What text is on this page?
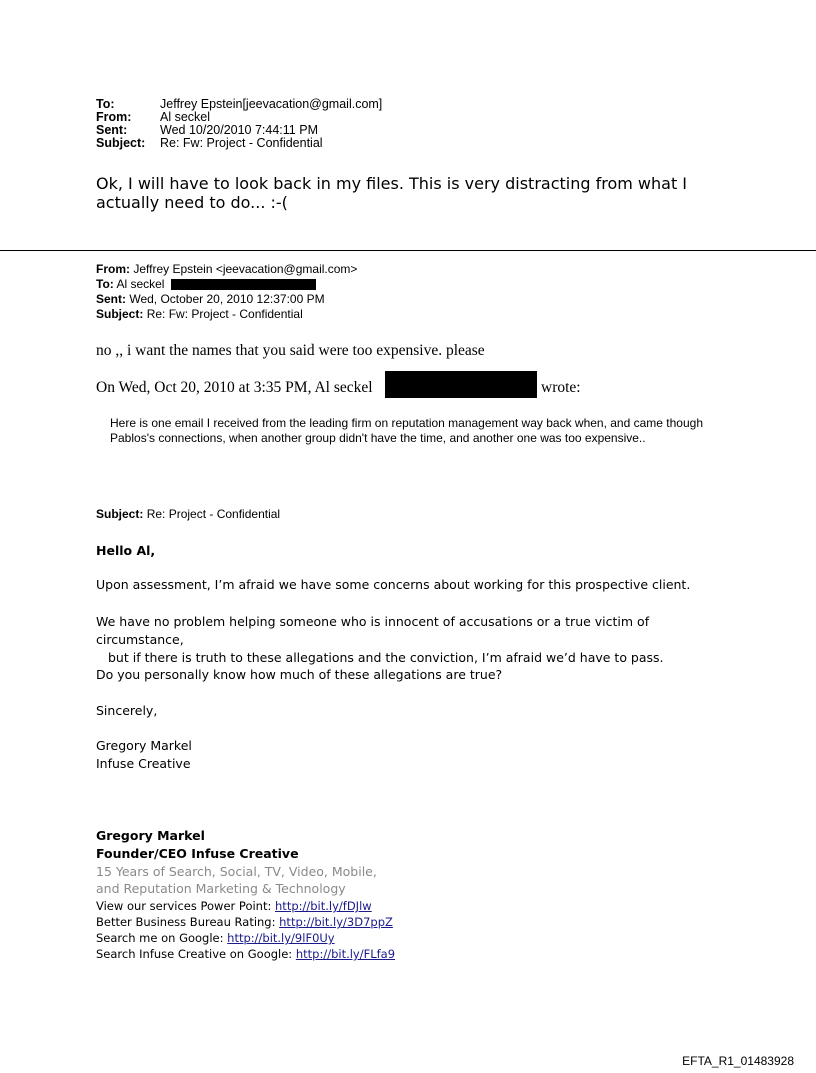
To:	Jeffrey Epstein[jeevacation@gmail.com]
From: Al seckel
Sent:	Wed 10/20/2010 7:44:11 PM
Subject: Re: Fw: Project - Confidential
Ok, I will have to look back in my files. This is very distracting from what I actually need to do... :-(
From: Jeffrey Epstein <jeevacation@gmail.com>
To: Al seckel
Sent: Wed, October 20, 2010 12:37:00 PM
Subject: Re: Fw: Project - Confidential
no ,, i want the names that you said were too expensive. please
On Wed, Oct 20, 2010 at 3:35 PM, Al seckel	wrote:
Here is one email I received from the leading firm on reputation management way back when, and came though Pablos's connections, when another group didn't have the time, and another one was too expensive..
Subject: Re: Project - Confidential
Hello Al,
Upon assessment, I’m afraid we have some concerns about working for this prospective client.
We have no problem helping someone who is innocent of accusations or a true victim of circumstance,
but if there is truth to these allegations and the conviction, I’m afraid we’d have to pass.
Do you personally know how much of these allegations are true?
Sincerely,
Gregory Markel
Infuse Creative
Gregory Markel
Founder/CEO Infuse Creative
15 Years of Search, Social, TV, Video, Mobile,
and Reputation Marketing & Technology
View our services Power Point: http://bit.ly/fDJlw
Better Business Bureau Rating: http://bit.ly/3D7ppZ
Search me on Google: http://bit.ly/9lF0Uy
Search Infuse Creative on Google: http://bit.ly/FLfa9
EFTA_R1_01483928
